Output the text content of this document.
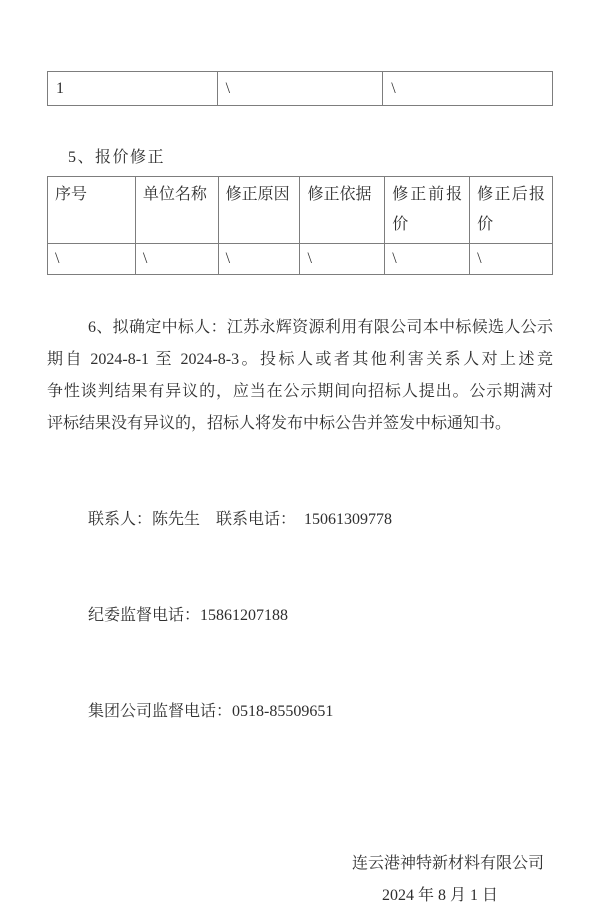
1	\	\
5、报价修正
序号	单位名称	修正原因	修正依据	修正前报价	修正后报价
\	\	\	\	\	\
6、拟确定中标人：江苏永辉资源利用有限公司本中标候选人公示
期自 2024-8-1 至 2024-8-3。投标人或者其他利害关系人对上述竞
争性谈判结果有异议的，应当在公示期间向招标人提出。公示期满对
评标结果没有异议的，招标人将发布中标公告并签发中标通知书。

联系人：陈先生　联系电话：　15061309778

纪委监督电话：15861207188

集团公司监督电话：0518-85509651

连云港神特新材料有限公司
2024 年 8 月 1 日
